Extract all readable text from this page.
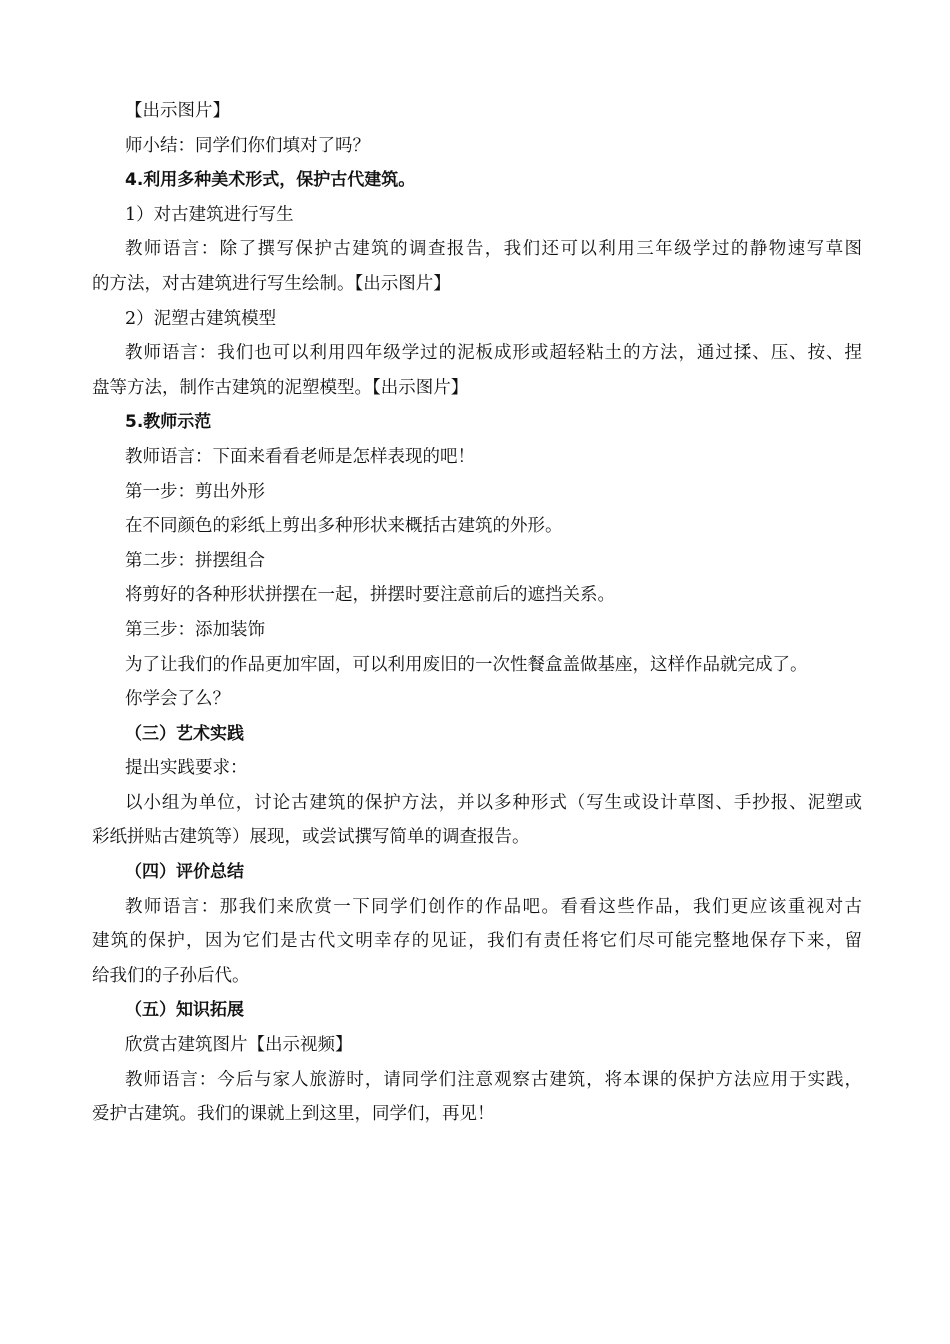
【出示图片】

师小结：同学们你们填对了吗？

4.利用多种美术形式，保护古代建筑。

1）对古建筑进行写生

教师语言：除了撰写保护古建筑的调查报告，我们还可以利用三年级学过的静物速写草图

的方法，对古建筑进行写生绘制。【出示图片】

2）泥塑古建筑模型

教师语言：我们也可以利用四年级学过的泥板成形或超轻粘土的方法，通过揉、压、按、捏

盘等方法，制作古建筑的泥塑模型。【出示图片】

5.教师示范

教师语言：下面来看看老师是怎样表现的吧！

第一步：剪出外形

在不同颜色的彩纸上剪出多种形状来概括古建筑的外形。

第二步：拼摆组合

将剪好的各种形状拼摆在一起，拼摆时要注意前后的遮挡关系。

第三步：添加装饰

为了让我们的作品更加牢固，可以利用废旧的一次性餐盒盖做基座，这样作品就完成了。

你学会了么？

（三）艺术实践

提出实践要求：

以小组为单位，讨论古建筑的保护方法，并以多种形式（写生或设计草图、手抄报、泥塑或

彩纸拼贴古建筑等）展现，或尝试撰写简单的调查报告。

（四）评价总结

教师语言：那我们来欣赏一下同学们创作的作品吧。看看这些作品，我们更应该重视对古

建筑的保护，因为它们是古代文明幸存的见证，我们有责任将它们尽可能完整地保存下来，留

给我们的子孙后代。

（五）知识拓展

欣赏古建筑图片【出示视频】

教师语言：今后与家人旅游时，请同学们注意观察古建筑，将本课的保护方法应用于实践，

爱护古建筑。我们的课就上到这里，同学们，再见！
